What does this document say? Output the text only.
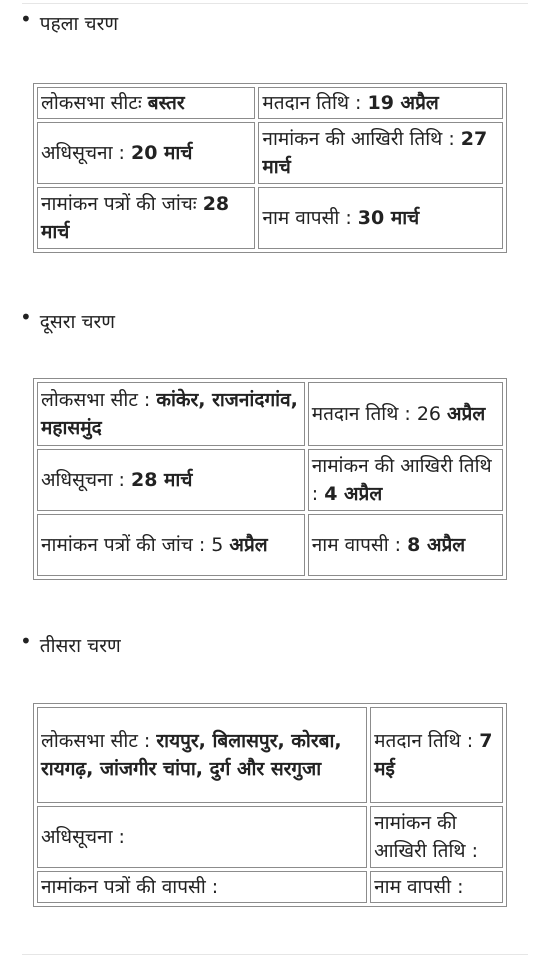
• पहला चरण
लोकसभा सीटः बस्तर	मतदान तिथि : 19 अप्रैल
अधिसूचना : 20 मार्च	नामांकन की आखिरी तिथि : 27 मार्च
नामांकन पत्रों की जांचः 28 मार्च	नाम वापसी : 30 मार्च
• दूसरा चरण
लोकसभा सीट : कांकेर, राजनांदगांव, महासमुंद	मतदान तिथि : 26 अप्रैल
अधिसूचना : 28 मार्च	नामांकन की आखिरी तिथि : 4 अप्रैल
नामांकन पत्रों की जांच : 5 अप्रैल	नाम वापसी : 8 अप्रैल
• तीसरा चरण
लोकसभा सीट : रायपुर, बिलासपुर, कोरबा, रायगढ़, जांजगीर चांपा, दुर्ग और सरगुजा	मतदान तिथि : 7 मई
अधिसूचना :	नामांकन की आखिरी तिथि :
नामांकन पत्रों की वापसी :	नाम वापसी :
